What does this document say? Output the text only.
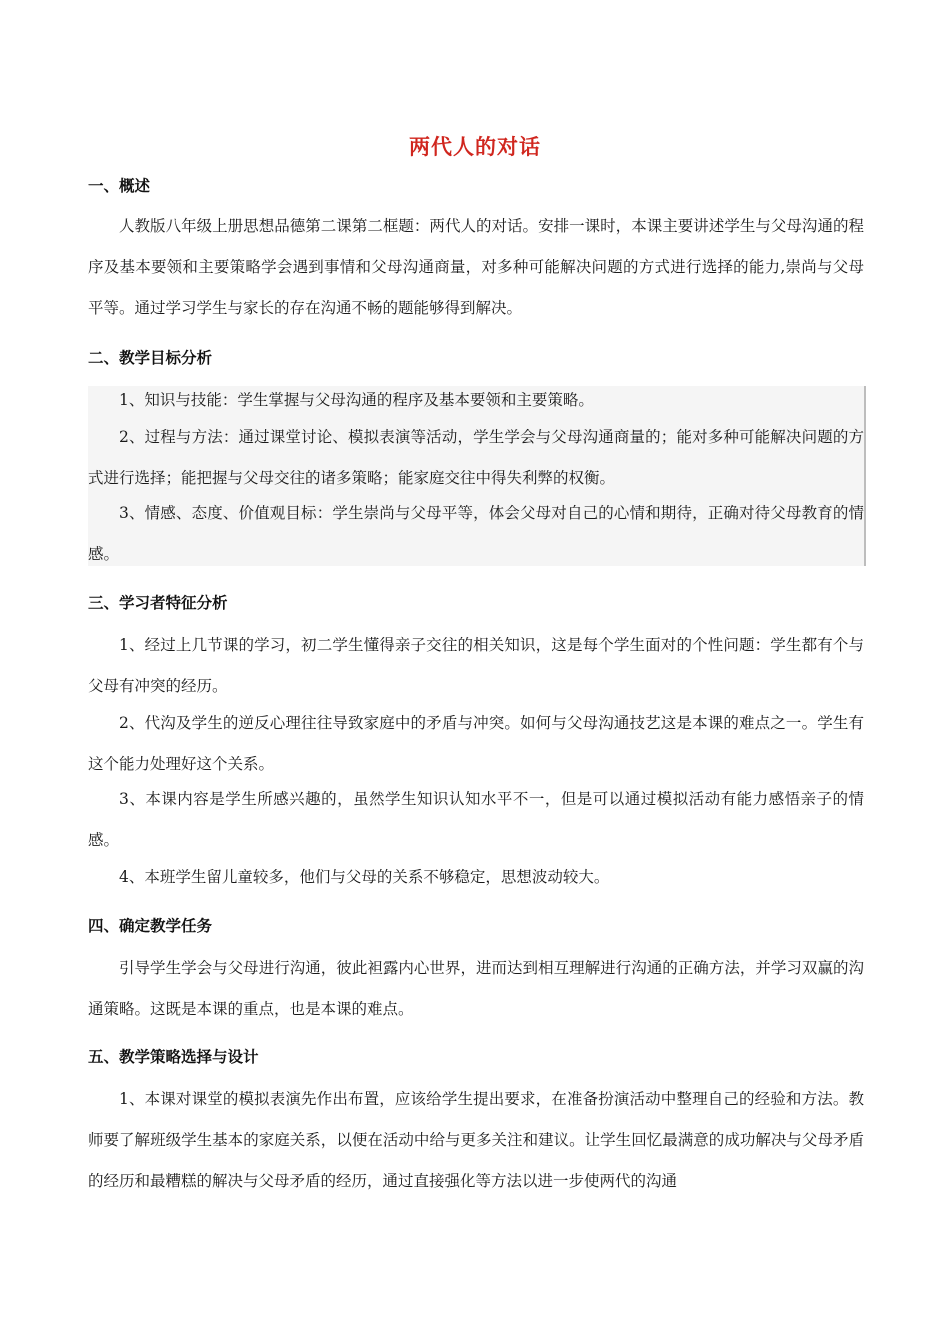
两代人的对话
一、概述

人教版八年级上册思想品德第二课第二框题：两代人的对话。安排一课时，本课主要讲述学生与父母沟通的程序及基本要领和主要策略学会遇到事情和父母沟通商量，对多种可能解决问题的方式进行选择的能力,崇尚与父母平等。通过学习学生与家长的存在沟通不畅的题能够得到解决。

二、教学目标分析

1、知识与技能：学生掌握与父母沟通的程序及基本要领和主要策略。

2、过程与方法：通过课堂讨论、模拟表演等活动，学生学会与父母沟通商量的；能对多种可能解决问题的方式进行选择；能把握与父母交往的诸多策略；能家庭交往中得失利弊的权衡。

3、情感、态度、价值观目标：学生崇尚与父母平等，体会父母对自己的心情和期待，正确对待父母教育的情感。

三、学习者特征分析

1、经过上几节课的学习，初二学生懂得亲子交往的相关知识，这是每个学生面对的个性问题：学生都有个与父母有冲突的经历。

2、代沟及学生的逆反心理往往导致家庭中的矛盾与冲突。如何与父母沟通技艺这是本课的难点之一。学生有这个能力处理好这个关系。

3、本课内容是学生所感兴趣的，虽然学生知识认知水平不一，但是可以通过模拟活动有能力感悟亲子的情感。

4、本班学生留儿童较多，他们与父母的关系不够稳定，思想波动较大。

四、确定教学任务

引导学生学会与父母进行沟通，彼此袒露内心世界，进而达到相互理解进行沟通的正确方法，并学习双赢的沟通策略。这既是本课的重点，也是本课的难点。

五、教学策略选择与设计

1、本课对课堂的模拟表演先作出布置，应该给学生提出要求，在准备扮演活动中整理自己的经验和方法。教师要了解班级学生基本的家庭关系，以便在活动中给与更多关注和建议。让学生回忆最满意的成功解决与父母矛盾的经历和最糟糕的解决与父母矛盾的经历，通过直接强化等方法以进一步使两代的沟通
